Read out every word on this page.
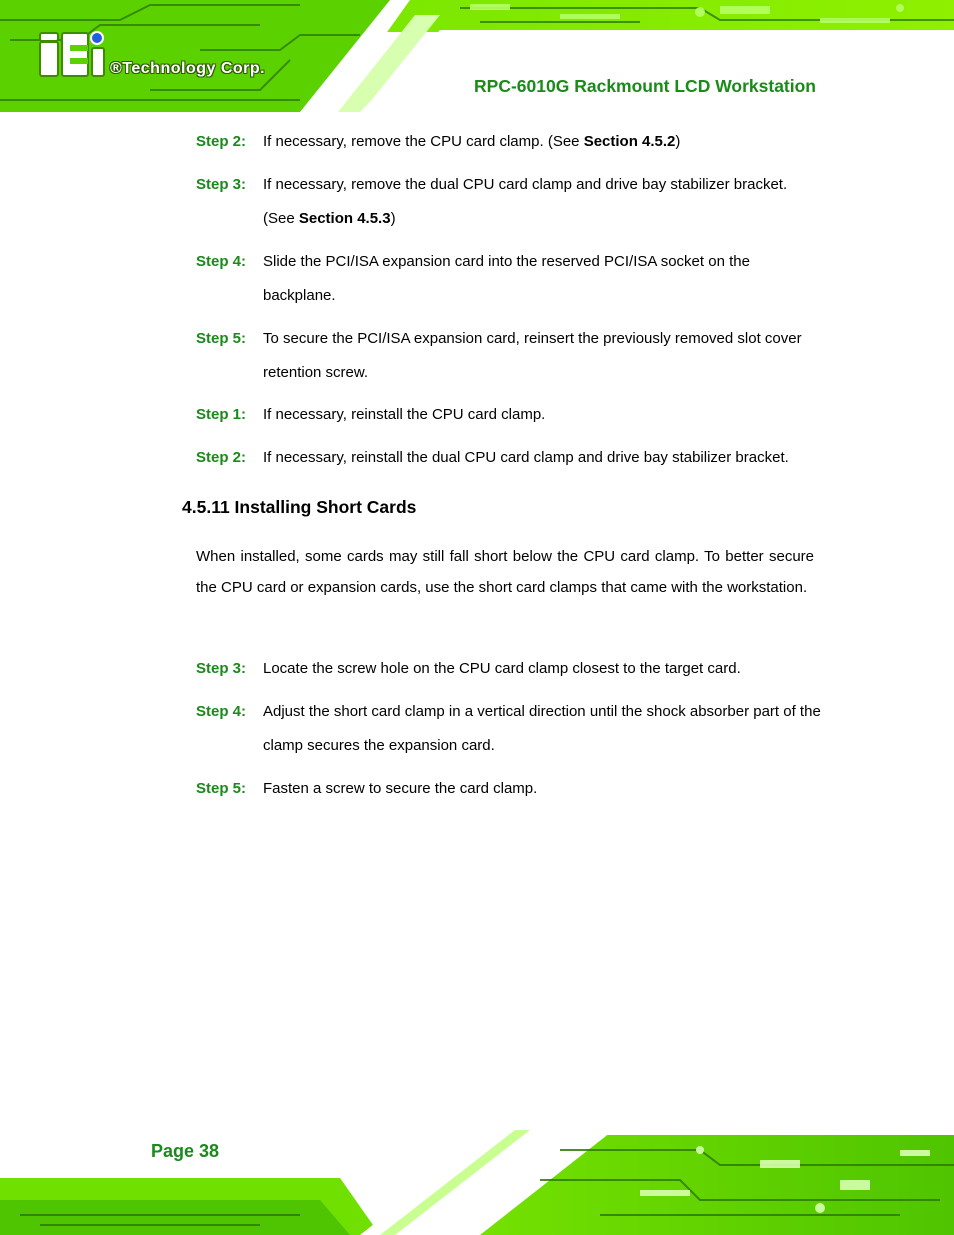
®Technology Corp.
RPC-6010G Rackmount LCD Workstation
Step 2:	If necessary, remove the CPU card clamp. (See Section 4.5.2)
Step 3:	If necessary, remove the dual CPU card clamp and drive bay stabilizer bracket. (See Section 4.5.3)
Step 4:	Slide the PCI/ISA expansion card into the reserved PCI/ISA socket on the backplane.
Step 5:	To secure the PCI/ISA expansion card, reinsert the previously removed slot cover retention screw.
Step 1:	If necessary, reinstall the CPU card clamp.
Step 2:	If necessary, reinstall the dual CPU card clamp and drive bay stabilizer bracket.
4.5.11 Installing Short Cards
When installed, some cards may still fall short below the CPU card clamp. To better secure the CPU card or expansion cards, use the short card clamps that came with the workstation.
Step 3:	Locate the screw hole on the CPU card clamp closest to the target card.
Step 4:	Adjust the short card clamp in a vertical direction until the shock absorber part of the clamp secures the expansion card.
Step 5:	Fasten a screw to secure the card clamp.
Page 38
